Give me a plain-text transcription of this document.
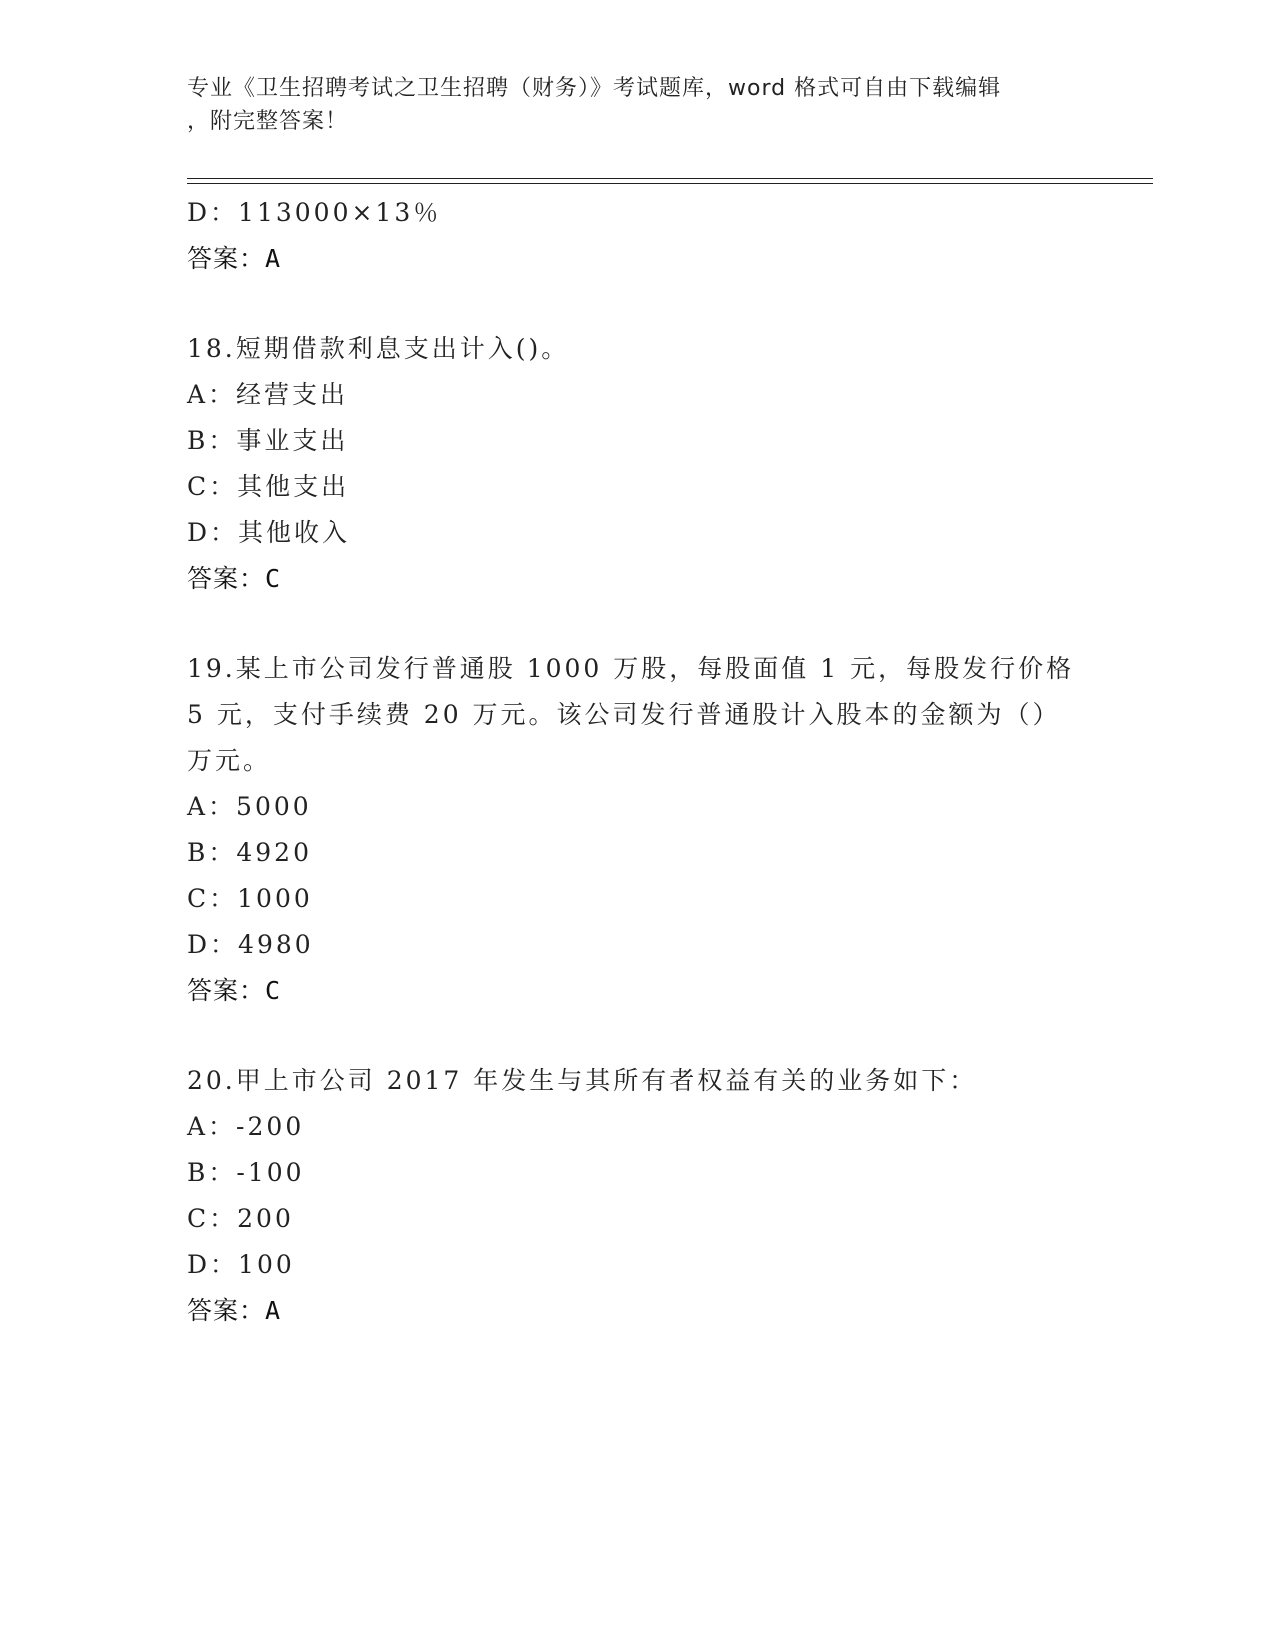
专业《卫生招聘考试之卫生招聘（财务）》考试题库，word 格式可自由下载编辑
，附完整答案！
D：113000×13％
答案：A
18.短期借款利息支出计入()。
A：经营支出
B：事业支出
C：其他支出
D：其他收入
答案：C
19.某上市公司发行普通股 1000 万股，每股面值 1 元，每股发行价格
5 元，支付手续费 20 万元。该公司发行普通股计入股本的金额为（）
万元。
A：5000
B：4920
C：1000
D：4980
答案：C
20.甲上市公司 2017 年发生与其所有者权益有关的业务如下：
A：-200
B：-100
C：200
D：100
答案：A
